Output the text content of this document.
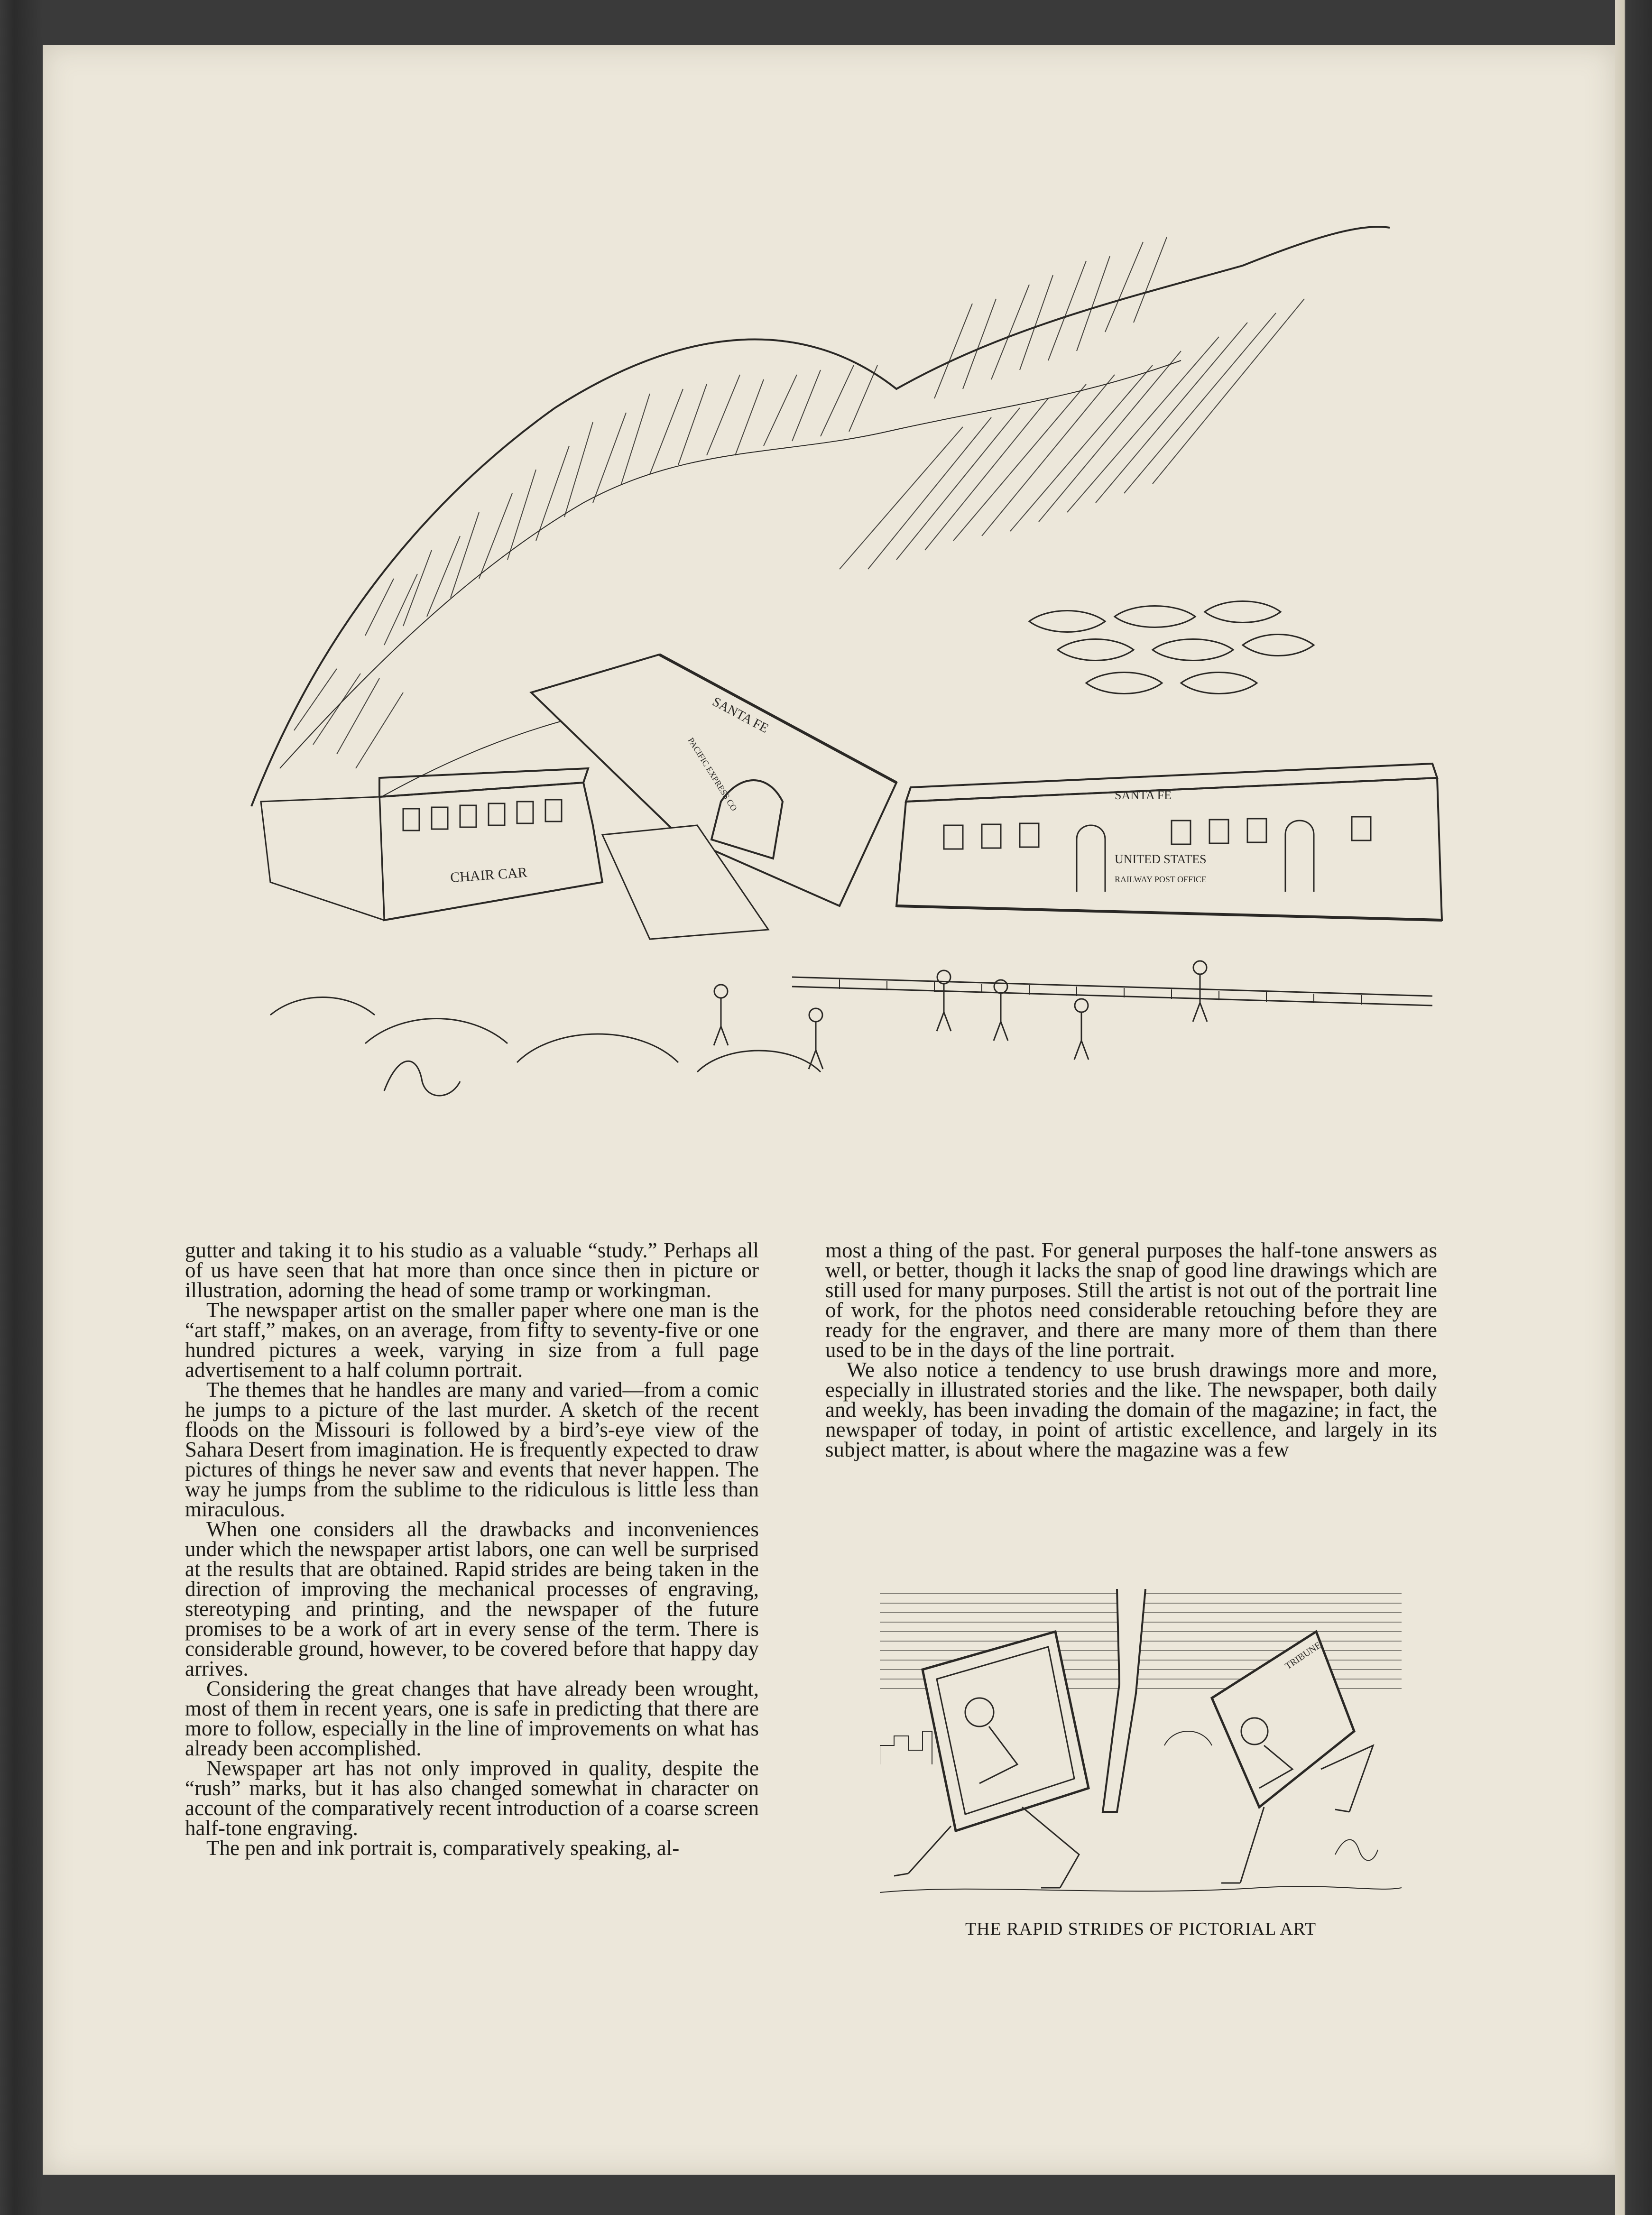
CHAIR CAR
SANTA FE
PACIFIC EXPRESS CO	SANTA FE
UNITED STATES
RAILWAY POST OFFICE

gutter and taking it to his studio as a valuable “study.” Perhaps all of us have seen that hat more than once since then in picture or illustration, adorning the head of some tramp or workingman.

The newspaper artist on the smaller paper where one man is the “art staff,” makes, on an average, from fifty to seventy-five or one hundred pictures a week, varying in size from a full page advertisement to a half column portrait.

The themes that he handles are many and varied—from a comic he jumps to a picture of the last murder. A sketch of the recent floods on the Missouri is followed by a bird’s-eye view of the Sahara Desert from imagination. He is frequently expected to draw pictures of things he never saw and events that never happen. The way he jumps from the sublime to the ridiculous is little less than miraculous.

When one considers all the drawbacks and inconveniences under which the newspaper artist labors, one can well be surprised at the results that are obtained. Rapid strides are being taken in the direction of improving the mechanical processes of engraving, stereotyping and printing, and the newspaper of the future promises to be a work of art in every sense of the term. There is considerable ground, however, to be covered before that happy day arrives.

Considering the great changes that have already been wrought, most of them in recent years, one is safe in predicting that there are more to follow, especially in the line of improvements on what has already been accomplished.

Newspaper art has not only improved in quality, despite the “rush” marks, but it has also changed somewhat in character on account of the comparatively recent introduction of a coarse screen half-tone engraving.

The pen and ink portrait is, comparatively speaking, al-

most a thing of the past. For general purposes the half-tone answers as well, or better, though it lacks the snap of good line drawings which are still used for many purposes. Still the artist is not out of the portrait line of work, for the photos need considerable retouching before they are ready for the engraver, and there are many more of them than there used to be in the days of the line portrait.

We also notice a tendency to use brush drawings more and more, especially in illustrated stories and the like. The newspaper, both daily and weekly, has been invading the domain of the magazine; in fact, the newspaper of today, in point of artistic excellence, and largely in its subject matter, is about where the magazine was a few

TRIBUNE
THE RAPID STRIDES OF PICTORIAL ART
